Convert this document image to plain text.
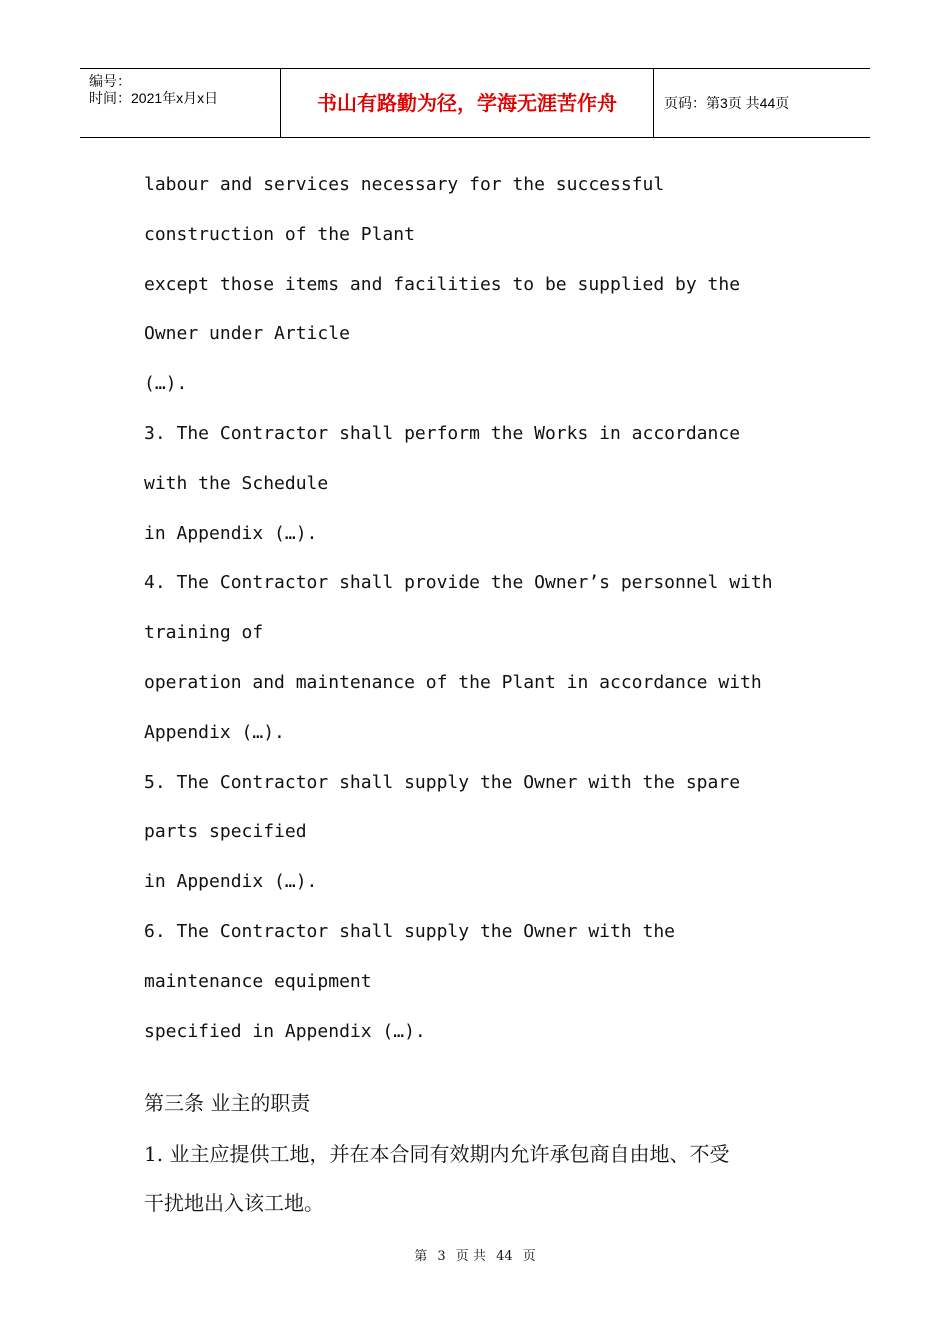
编号：
时间：2021年x月x日	书山有路勤为径，学海无涯苦作舟	页码：第3页 共44页
labour and services necessary for the successful
construction of the Plant
except those items and facilities to be supplied by the
Owner under Article
(…).
3. The Contractor shall perform the Works in accordance
with the Schedule
in Appendix (…).
4. The Contractor shall provide the Owner’s personnel with
training of
operation and maintenance of the Plant in accordance with
Appendix (…).
5. The Contractor shall supply the Owner with the spare
parts specified
in Appendix (…).
6. The Contractor shall supply the Owner with the
maintenance equipment
specified in Appendix (…).
第三条 业主的职责
1. 业主应提供工地，并在本合同有效期内允许承包商自由地、不受
干扰地出入该工地。
第 3 页 共 44 页
